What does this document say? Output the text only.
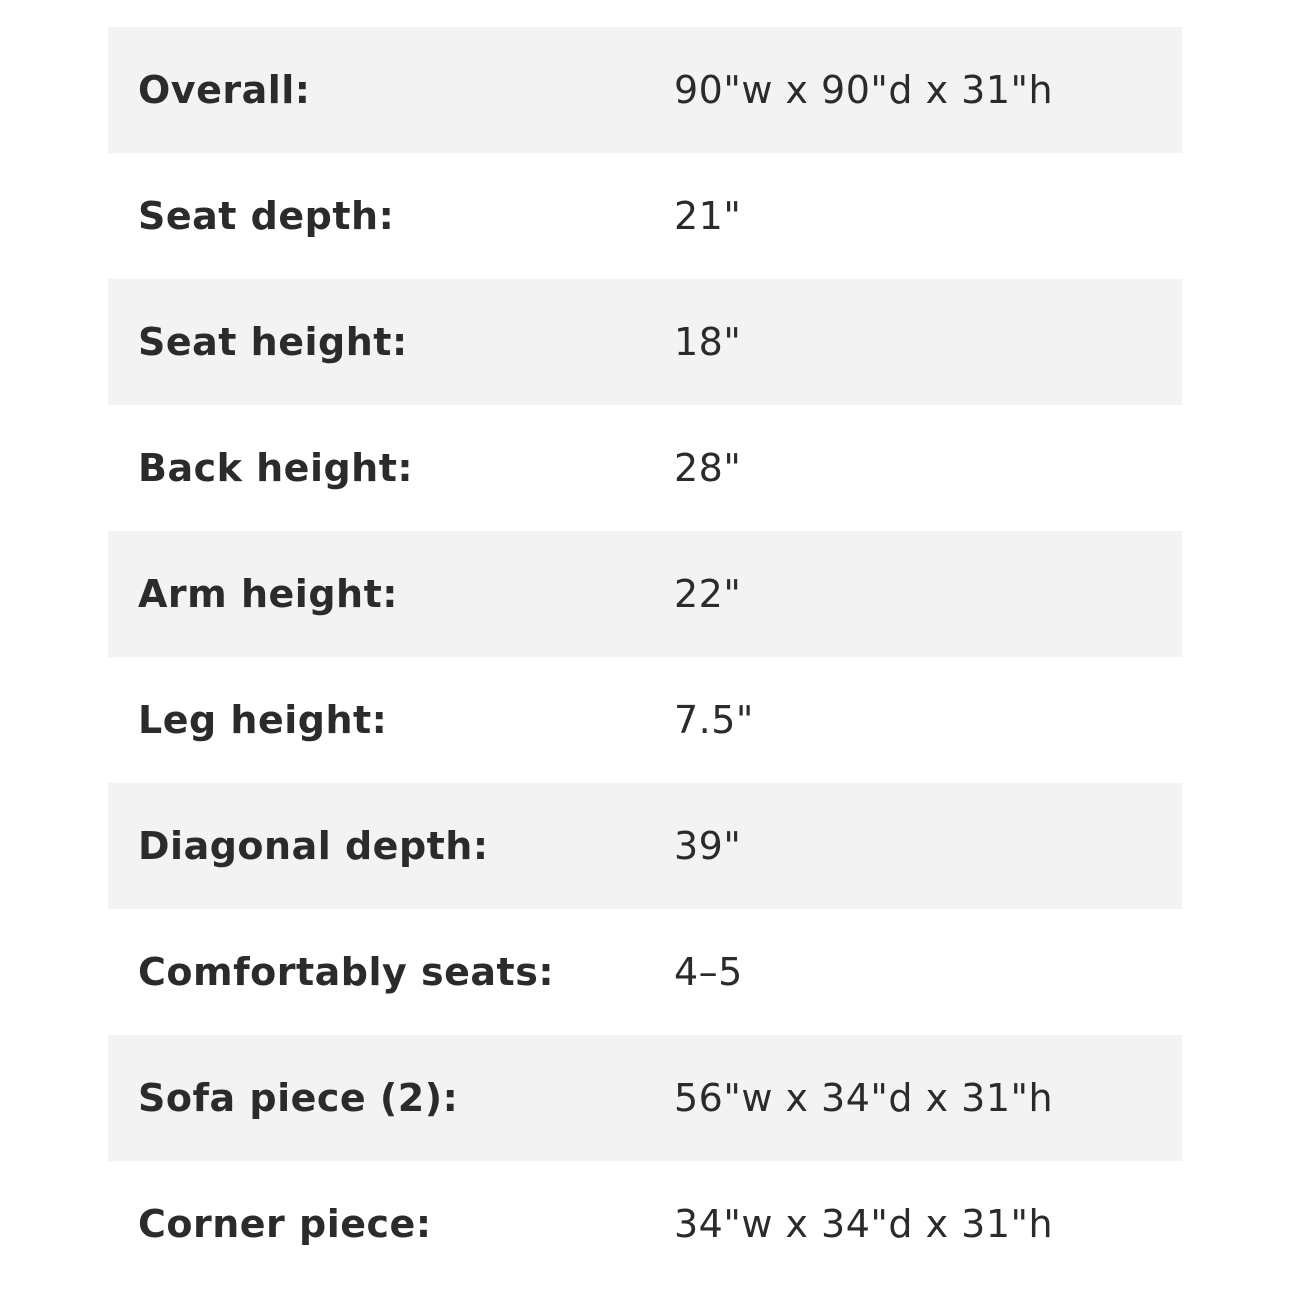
Overall:	90"w x 90"d x 31"h
Seat depth:	21"
Seat height:	18"
Back height:	28"
Arm height:	22"
Leg height:	7.5"
Diagonal depth:	39"
Comfortably seats:	4–5
Sofa piece (2):	56"w x 34"d x 31"h
Corner piece:	34"w x 34"d x 31"h
